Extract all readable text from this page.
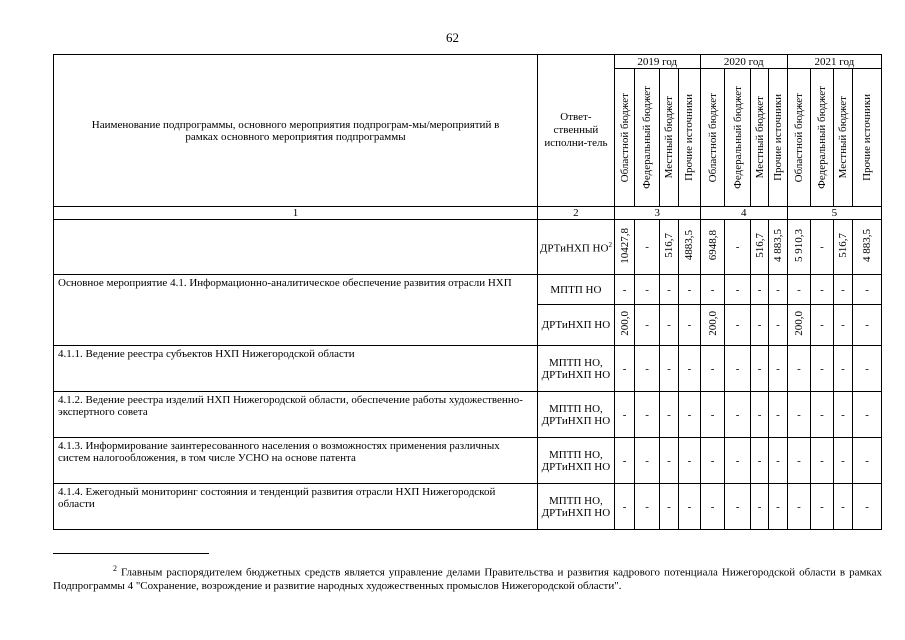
62
Наименование подпрограммы, основного мероприятия подпрограм-мы/мероприятий в рамках основного мероприятия подпрограммы	Ответ-ственный исполни-тель	2019 год				2020 год				2021 год			

		Областной бюджет	Федеральный бюджет	Местный бюджет	Прочие источники	Областной бюджет	Федеральный бюджет	Местный бюджет	Прочие источники	Областной бюджет	Федеральный бюджет	Местный бюджет	Прочие источники

1	2	3				4				5			
	ДРТиНХП $НО^2$	10427,8	-	516,7	4883,5	6948,8	-	516,7	4 883,5	5 910,3	-	516,7	4 883,5
Основное мероприятие 4.1. Информационно-аналитическое обеспечение развития отрасли НХП	МПТП НО	-	-	-	-	-	-	-	-	-	-	-	-
	ДРТиНХП НО	200,0	-	-	-	200,0	-	-	-	200,0	-	-	-
4.1.1. Ведение реестра субъектов НХП Нижегородской области	МПТП НО, ДРТиНХП НО	-	-	-	-	-	-	-	-	-	-	-	-
4.1.2. Ведение реестра изделий НХП Нижегородской области, обеспечение работы художественно-экспертного совета	МПТП НО, ДРТиНХП НО	-	-	-	-	-	-	-	-	-	-	-	-
4.1.3. Информирование заинтересованного населения о возможностях применения различных систем налогообложения, в том числе УСНО на основе патента	МПТП НО, ДРТиНХП НО	-	-	-	-	-	-	-	-	-	-	-	-
4.1.4. Ежегодный мониторинг состояния и тенденций развития отрасли НХП Нижегородской области	МПТП НО, ДРТиНХП НО	-	-	-	-	-	-	-	-	-	-	-	-
$^2$ Главным распорядителем бюджетных средств является управление делами Правительства и развития кадрового потенциала Нижегородской области в рамках Подпрограммы 4 "Сохранение, возрождение и развитие народных художественных промыслов Нижегородской области".
